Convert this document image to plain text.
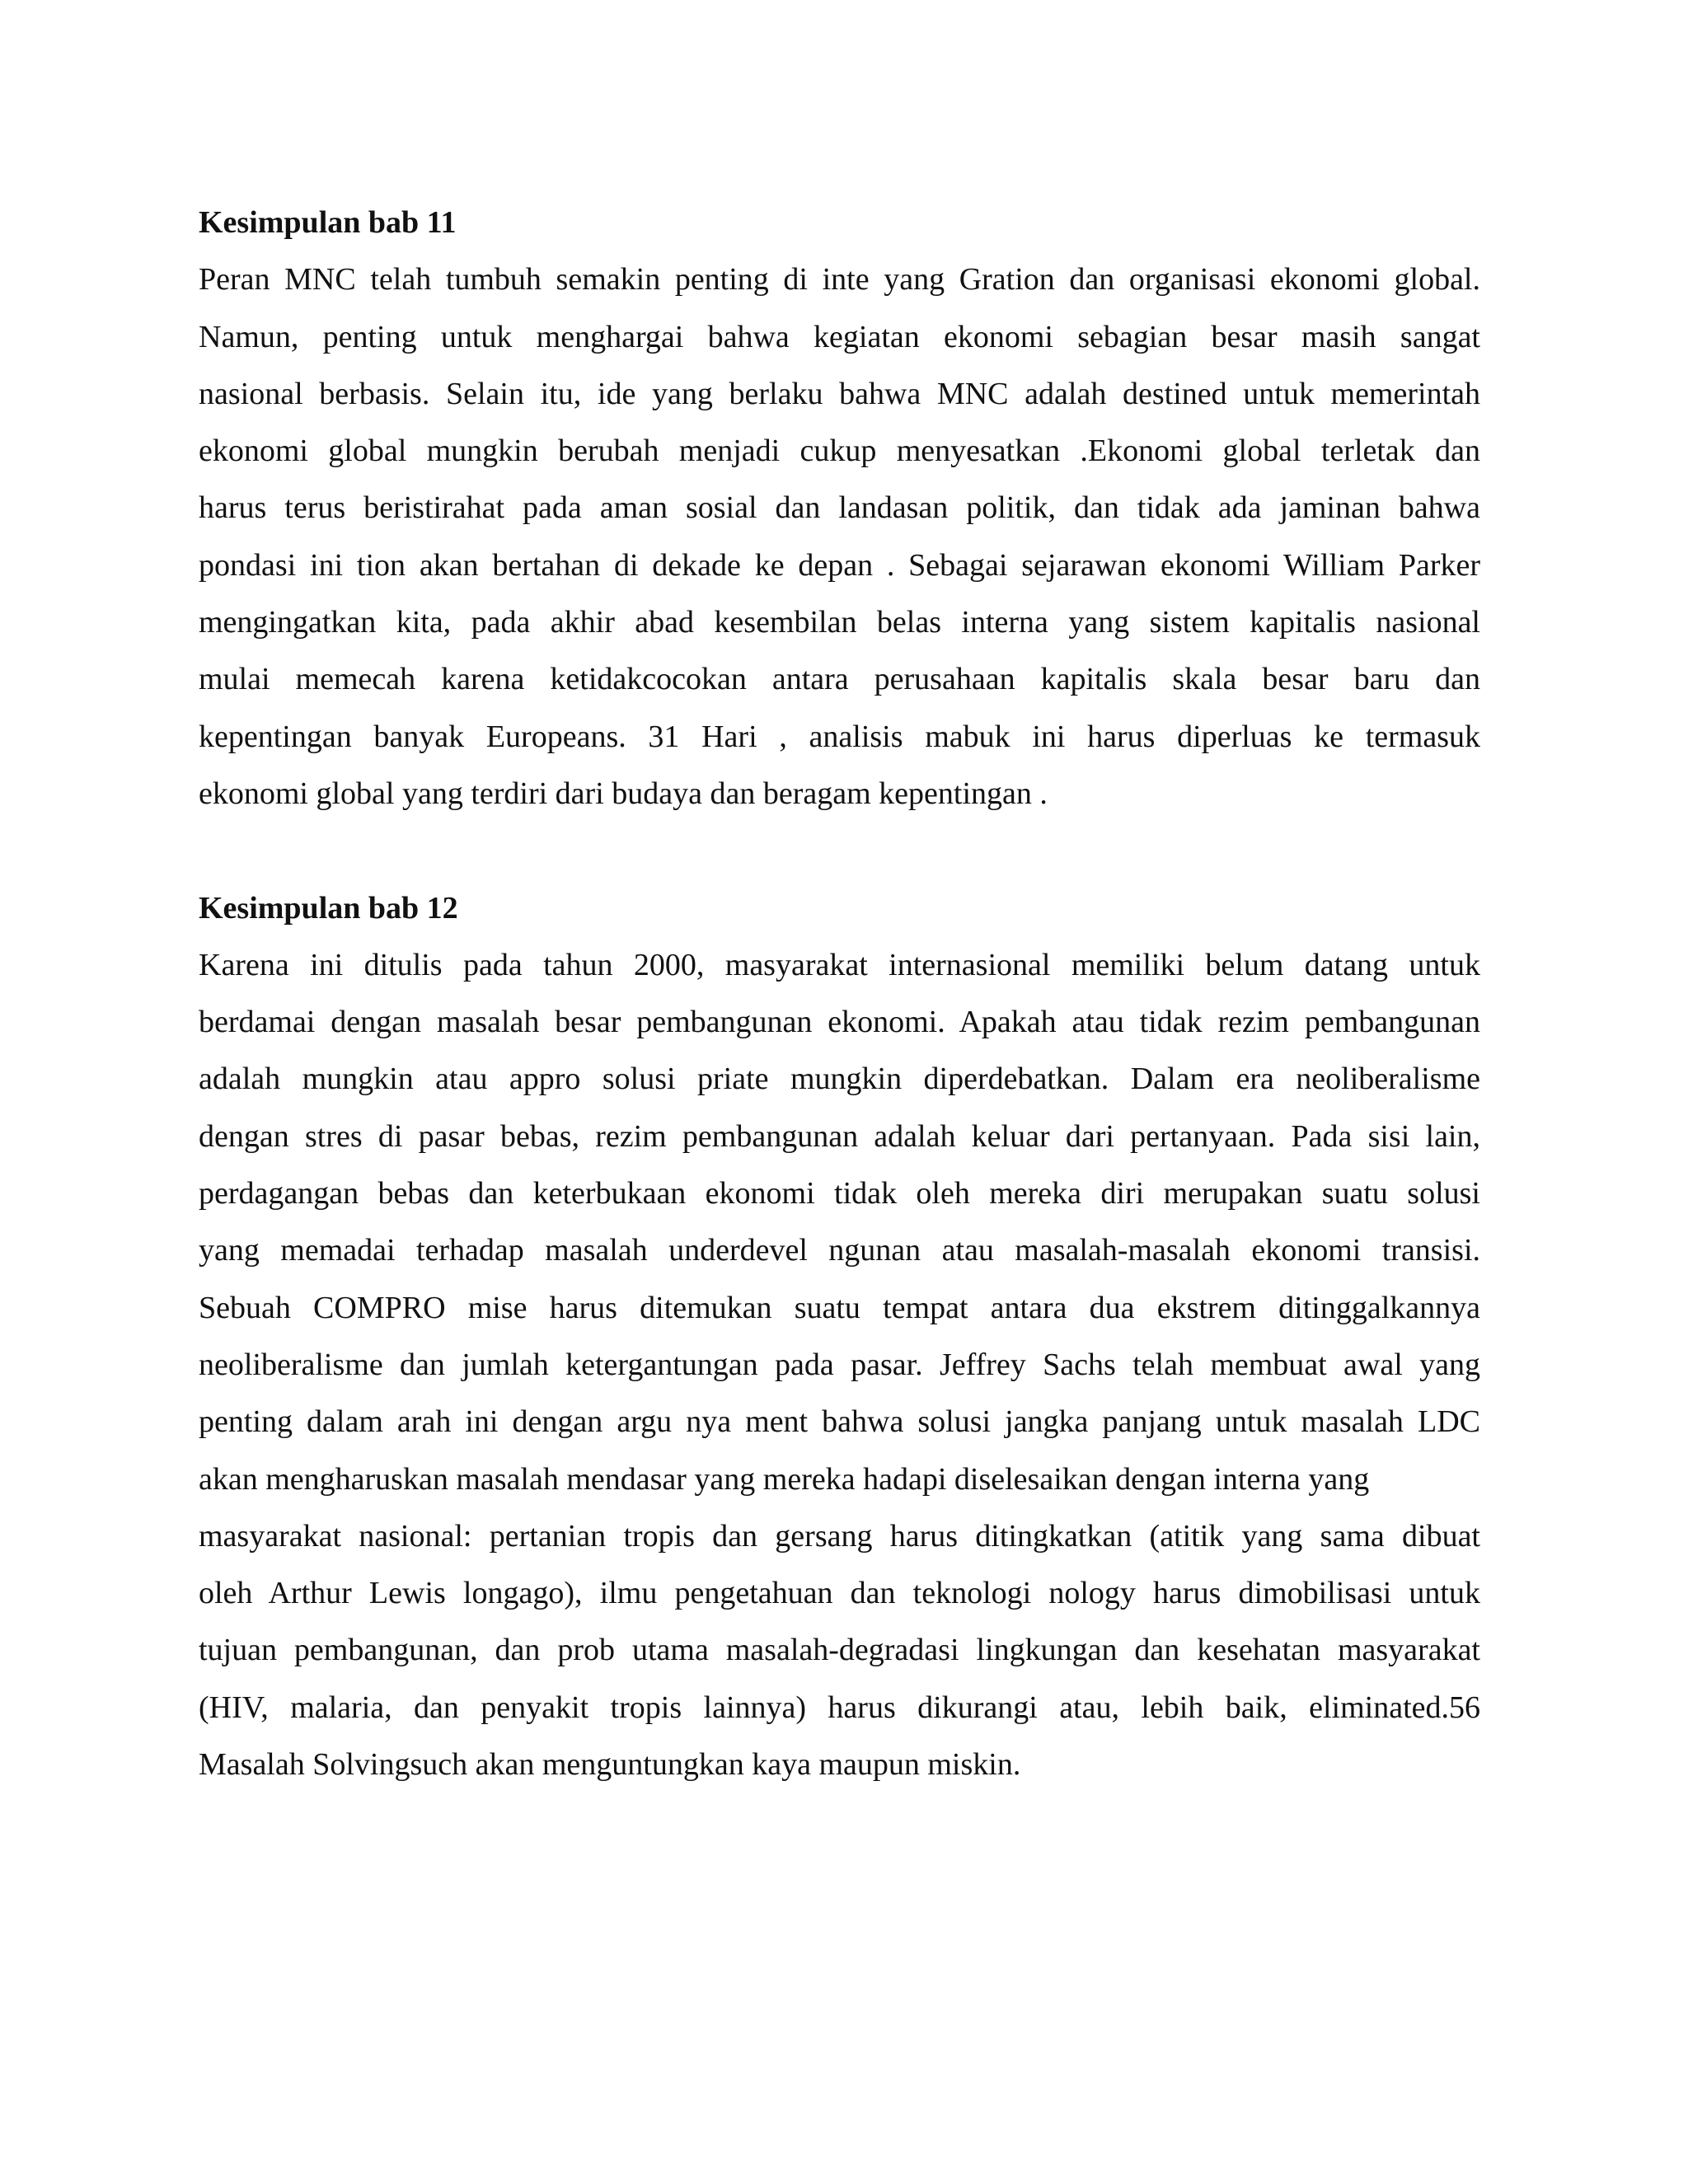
Kesimpulan bab 11

Peran MNC telah tumbuh semakin penting di inte yang Gration dan organisasi ekonomi global.
Namun, penting untuk menghargai bahwa kegiatan ekonomi sebagian besar masih sangat
nasional berbasis. Selain itu, ide yang berlaku bahwa MNC adalah destined untuk memerintah
ekonomi global mungkin berubah menjadi cukup menyesatkan .Ekonomi global terletak dan
harus terus beristirahat pada aman sosial dan landasan politik, dan tidak ada jaminan bahwa
pondasi ini tion akan bertahan di dekade ke depan . Sebagai sejarawan ekonomi William Parker
mengingatkan kita, pada akhir abad kesembilan belas interna yang sistem kapitalis nasional
mulai memecah karena ketidakcocokan antara perusahaan kapitalis skala besar baru dan
kepentingan banyak Europeans. 31 Hari , analisis mabuk ini harus diperluas ke termasuk
ekonomi global yang terdiri dari budaya dan beragam kepentingan .

Kesimpulan bab 12

Karena ini ditulis pada tahun 2000, masyarakat internasional memiliki belum datang untuk
berdamai dengan masalah besar pembangunan ekonomi. Apakah atau tidak rezim pembangunan
adalah mungkin atau appro solusi priate mungkin diperdebatkan. Dalam era neoliberalisme
dengan stres di pasar bebas, rezim pembangunan adalah keluar dari pertanyaan. Pada sisi lain,
perdagangan bebas dan keterbukaan ekonomi tidak oleh mereka diri merupakan suatu solusi
yang memadai terhadap masalah underdevel ngunan atau masalah-masalah ekonomi transisi.
Sebuah COMPRO mise harus ditemukan suatu tempat antara dua ekstrem ditinggalkannya
neoliberalisme dan jumlah ketergantungan pada pasar. Jeffrey Sachs telah membuat awal yang
penting dalam arah ini dengan argu nya ment bahwa solusi jangka panjang untuk masalah LDC
akan mengharuskan masalah mendasar yang mereka hadapi diselesaikan dengan interna yang
masyarakat nasional: pertanian tropis dan gersang harus ditingkatkan (atitik yang sama dibuat
oleh Arthur Lewis longago), ilmu pengetahuan dan teknologi nology harus dimobilisasi untuk
tujuan pembangunan, dan prob utama masalah-degradasi lingkungan dan kesehatan masyarakat
(HIV, malaria, dan penyakit tropis lainnya) harus dikurangi atau, lebih baik, eliminated.56
Masalah Solvingsuch akan menguntungkan kaya maupun miskin.
